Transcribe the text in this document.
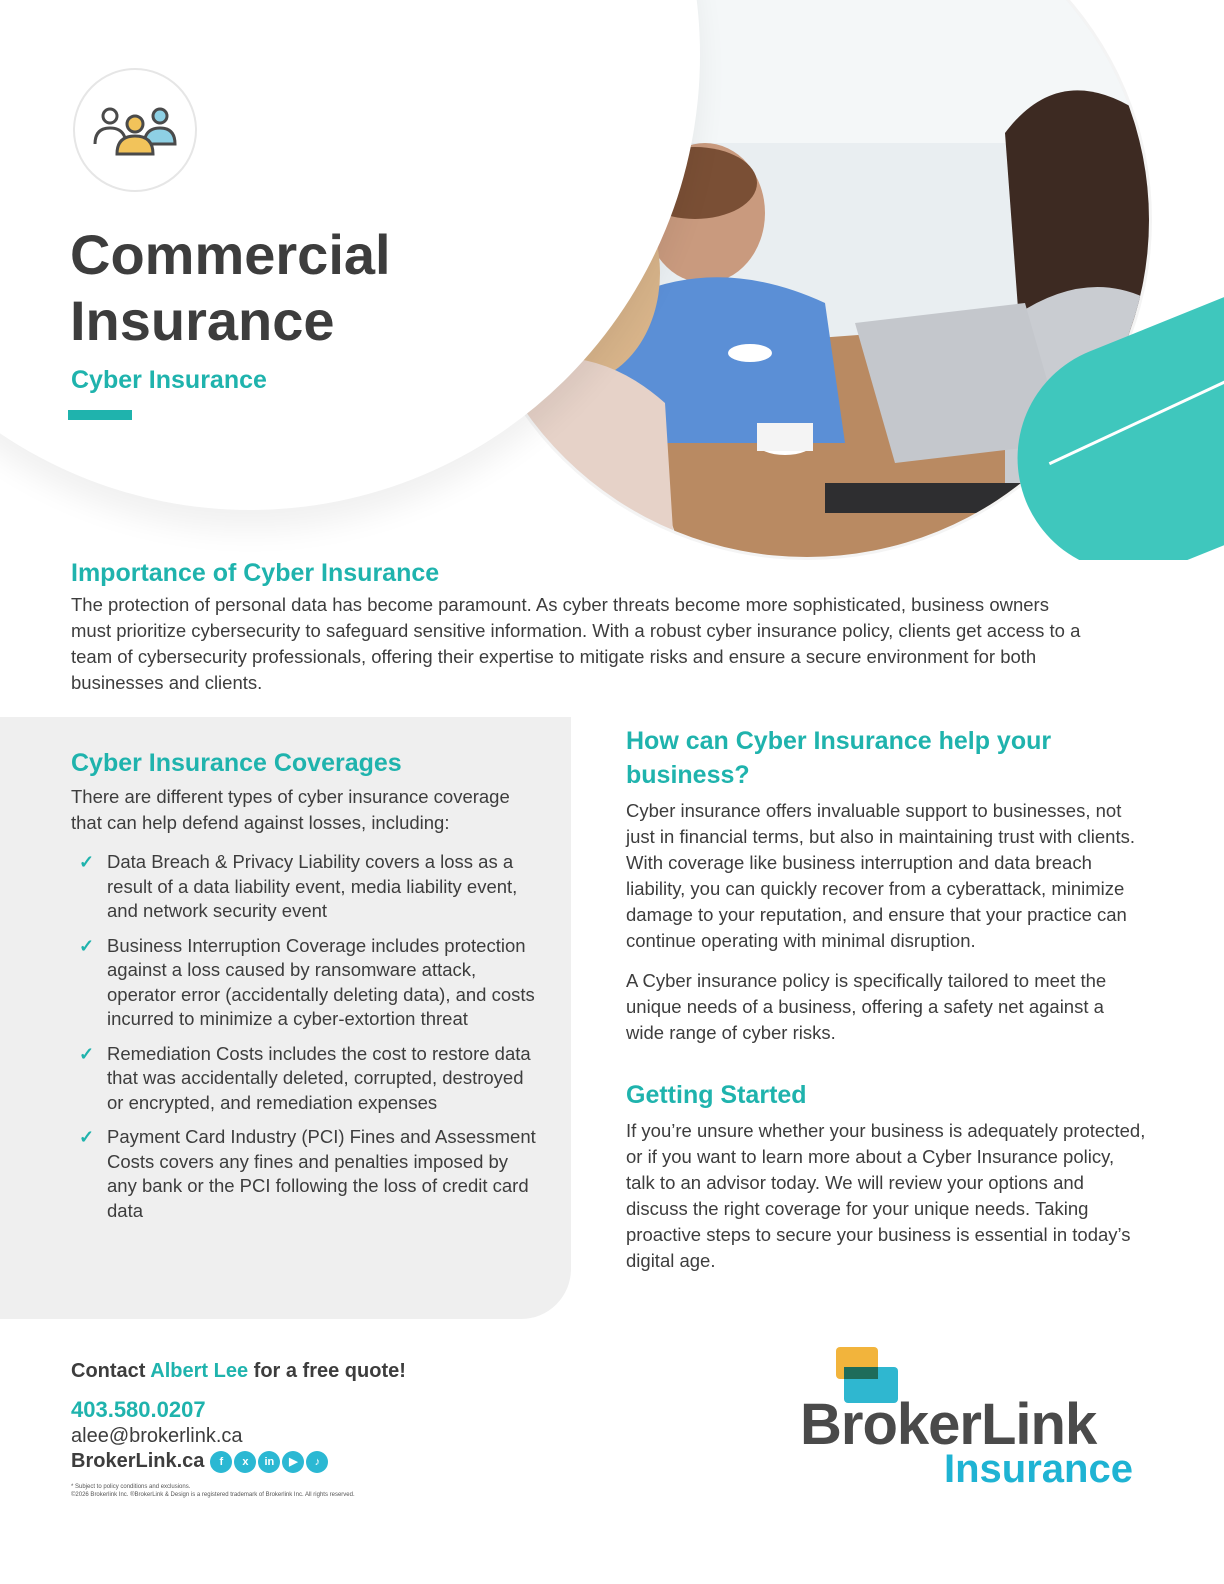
Commercial
Insurance
Cyber Insurance
Importance of Cyber Insurance
The protection of personal data has become paramount. As cyber threats become more sophisticated, business owners must prioritize cybersecurity to safeguard sensitive information. With a robust cyber insurance policy, clients get access to a team of cybersecurity professionals, offering their expertise to mitigate risks and ensure a secure environment for both businesses and clients.
Cyber Insurance Coverages
There are different types of cyber insurance coverage that can help defend against losses, including:
✓ Data Breach & Privacy Liability covers a loss as a result of a data liability event, media liability event, and network security event
✓ Business Interruption Coverage includes protection against a loss caused by ransomware attack, operator error (accidentally deleting data), and costs incurred to minimize a cyber-extortion threat
✓ Remediation Costs includes the cost to restore data that was accidentally deleted, corrupted, destroyed or encrypted, and remediation expenses
✓ Payment Card Industry (PCI) Fines and Assessment Costs covers any fines and penalties imposed by any bank or the PCI following the loss of credit card data
How can Cyber Insurance help your business?
Cyber insurance offers invaluable support to businesses, not just in financial terms, but also in maintaining trust with clients. With coverage like business interruption and data breach liability, you can quickly recover from a cyberattack, minimize damage to your reputation, and ensure that your practice can continue operating with minimal disruption.
A Cyber insurance policy is specifically tailored to meet the unique needs of a business, offering a safety net against a wide range of cyber risks.
Getting Started
If you’re unsure whether your business is adequately protected, or if you want to learn more about a Cyber Insurance policy, talk to an advisor today. We will review your options and discuss the right coverage for your unique needs. Taking proactive steps to secure your business is essential in today’s digital age.
Contact Albert Lee for a free quote!
403.580.0207
alee@brokerlink.ca
BrokerLink.ca	f	x	in	▶	♪
* Subject to policy conditions and exclusions.
©2026 Brokerlink Inc. ®BrokerLink & Design is a registered trademark of Brokerlink Inc. All rights reserved.
BrokerLink
Insurance
